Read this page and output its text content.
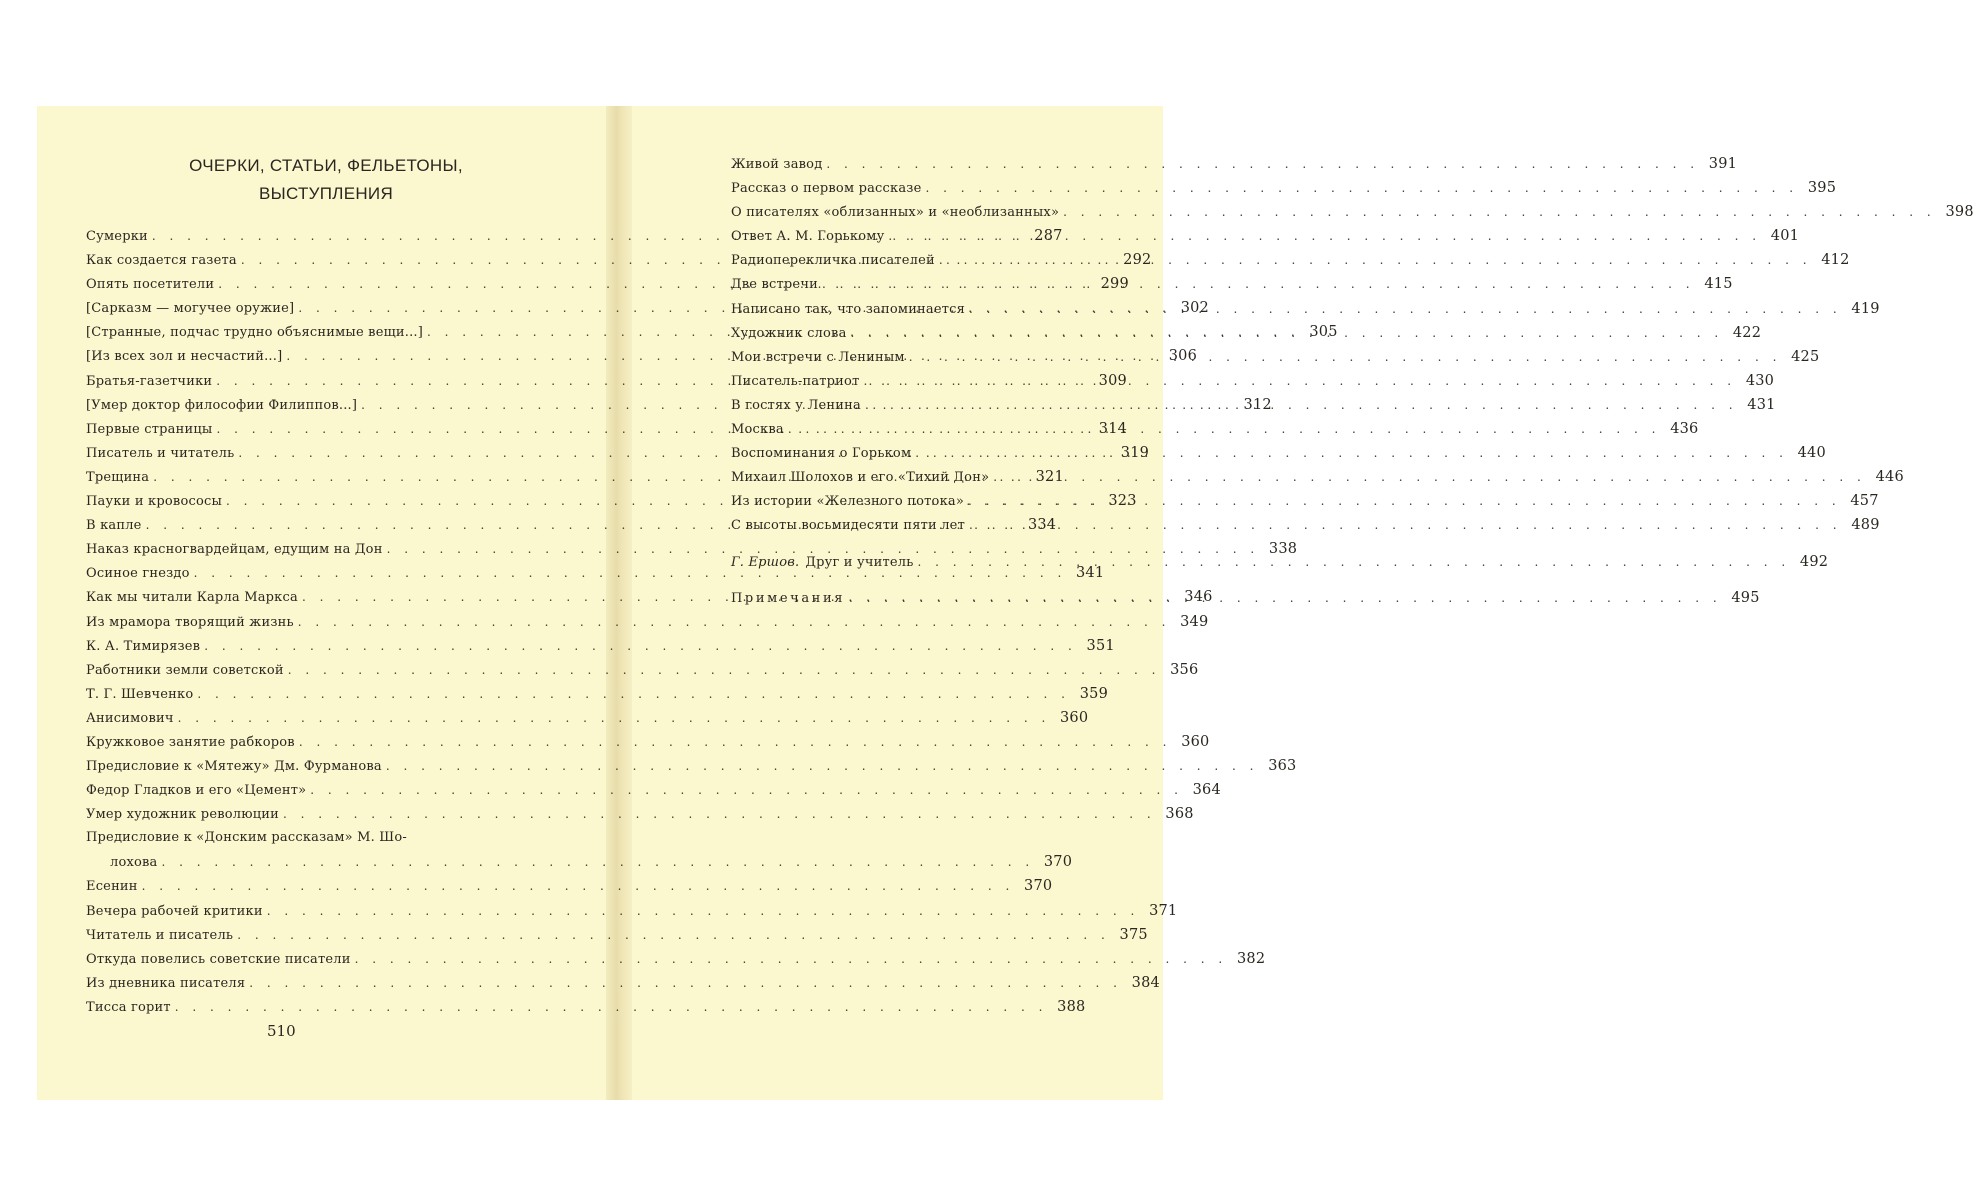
ОЧЕРКИ, СТАТЬИ, ФЕЛЬЕТОНЫ,
ВЫСТУПЛЕНИЯ
Сумерки . . .	287
Как создается газета . . .	292
Опять посетители . . .	299
[Сарказм — могучее оружие] . . .	302
[Странные, подчас трудно объяснимые вещи...] . . .	305
[Из всех зол и несчастий...] . . .	306
Братья-газетчики . . .	309
[Умер доктор философии Филиппов...] . . .	312
Первые страницы . . .	314
Писатель и читатель . . .	319
Трещина . . .	321
Пауки и кровососы . . .	323
В капле . . .	334
Наказ красногвардейцам, едущим на Дон . . .	338
Осиное гнездо . . .	341
Как мы читали Карла Маркса . . .	346
Из мрамора творящий жизнь . . .	349
К. А. Тимирязев . . .	351
Работники земли советской . . .	356
Т. Г. Шевченко . . .	359
Анисимович . . .	360
Кружковое занятие рабкоров . . .	360
Предисловие к «Мятежу» Дм. Фурманова . . .	363
Федор Гладков и его «Цемент» . . .	364
Умер художник революции . . .	368
Предисловие к «Донским рассказам» М. Шо-
лохова . . .	370
Есенин . . .	370
Вечера рабочей критики . . .	371
Читатель и писатель . . .	375
Откуда повелись советские писатели . . .	382
Из дневника писателя . . .	384
Тисса горит . . .	388
Живой завод . . .	391
Рассказ о первом рассказе . . .	395
О писателях «облизанных» и «необлизанных» . . .	398
Ответ А. М. Горькому . . .	401
Радиоперекличка писателей . . .	412
Две встречи . . .	415
Написано так, что запоминается . . .	419
Художник слова . . .	422
Мои встречи с Лениным . . .	425
Писатель-патриот . . .	430
В гостях у Ленина . . .	431
Москва . . .	436
Воспоминания о Горьком . . .	440
Михаил Шолохов и его «Тихий Дон» . . .	446
Из истории «Железного потока» . . .	457
С высоты восьмидесяти пяти лет . . .	489
Г. Ершов. Друг и учитель . . .	492
Примечания . . .	495
510
